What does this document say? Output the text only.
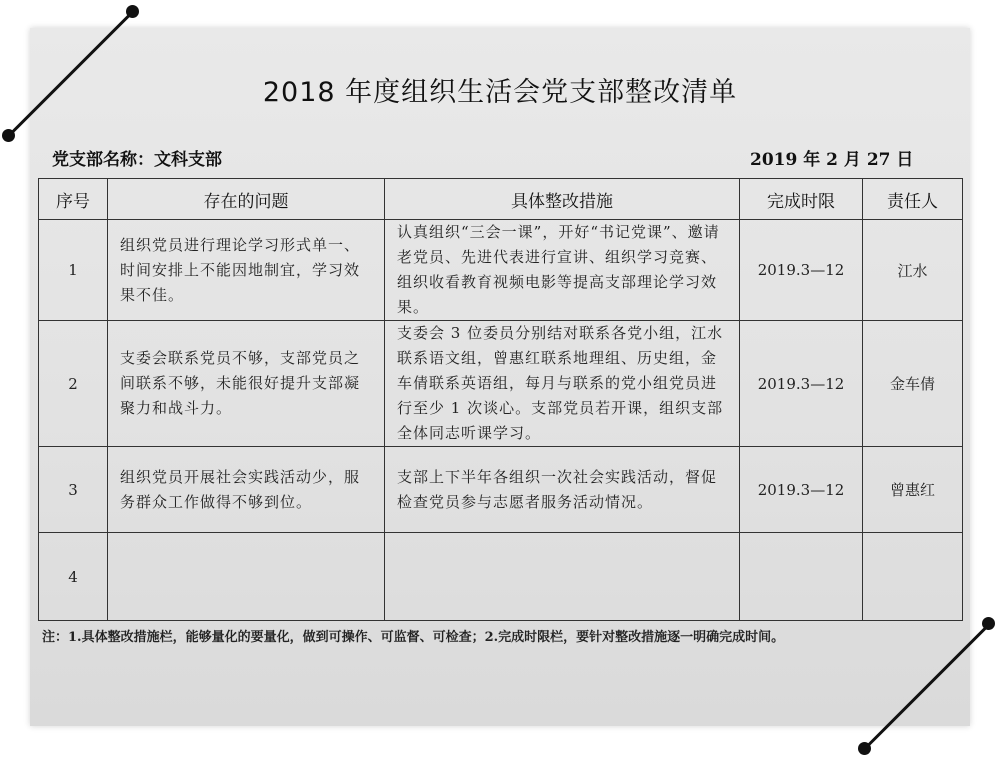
2018 年度组织生活会党支部整改清单
党支部名称：文科支部	2019 年 2 月 27 日
序号	存在的问题	具体整改措施	完成时限	责任人
1	组织党员进行理论学习形式单一、时间安排上不能因地制宜，学习效果不佳。	认真组织“三会一课”，开好“书记党课”、邀请老党员、先进代表进行宣讲、组织学习竞赛、组织收看教育视频电影等提高支部理论学习效果。	2019.3—12	江水
2	支委会联系党员不够，支部党员之间联系不够，未能很好提升支部凝聚力和战斗力。	支委会 3 位委员分别结对联系各党小组，江水联系语文组，曾惠红联系地理组、历史组，金车倩联系英语组，每月与联系的党小组党员进行至少 1 次谈心。支部党员若开课，组织支部全体同志听课学习。	2019.3—12	金车倩
3	组织党员开展社会实践活动少，服务群众工作做得不够到位。	支部上下半年各组织一次社会实践活动，督促检查党员参与志愿者服务活动情况。	2019.3—12	曾惠红
4				
注：1.具体整改措施栏，能够量化的要量化，做到可操作、可监督、可检查；2.完成时限栏，要针对整改措施逐一明确完成时间。
